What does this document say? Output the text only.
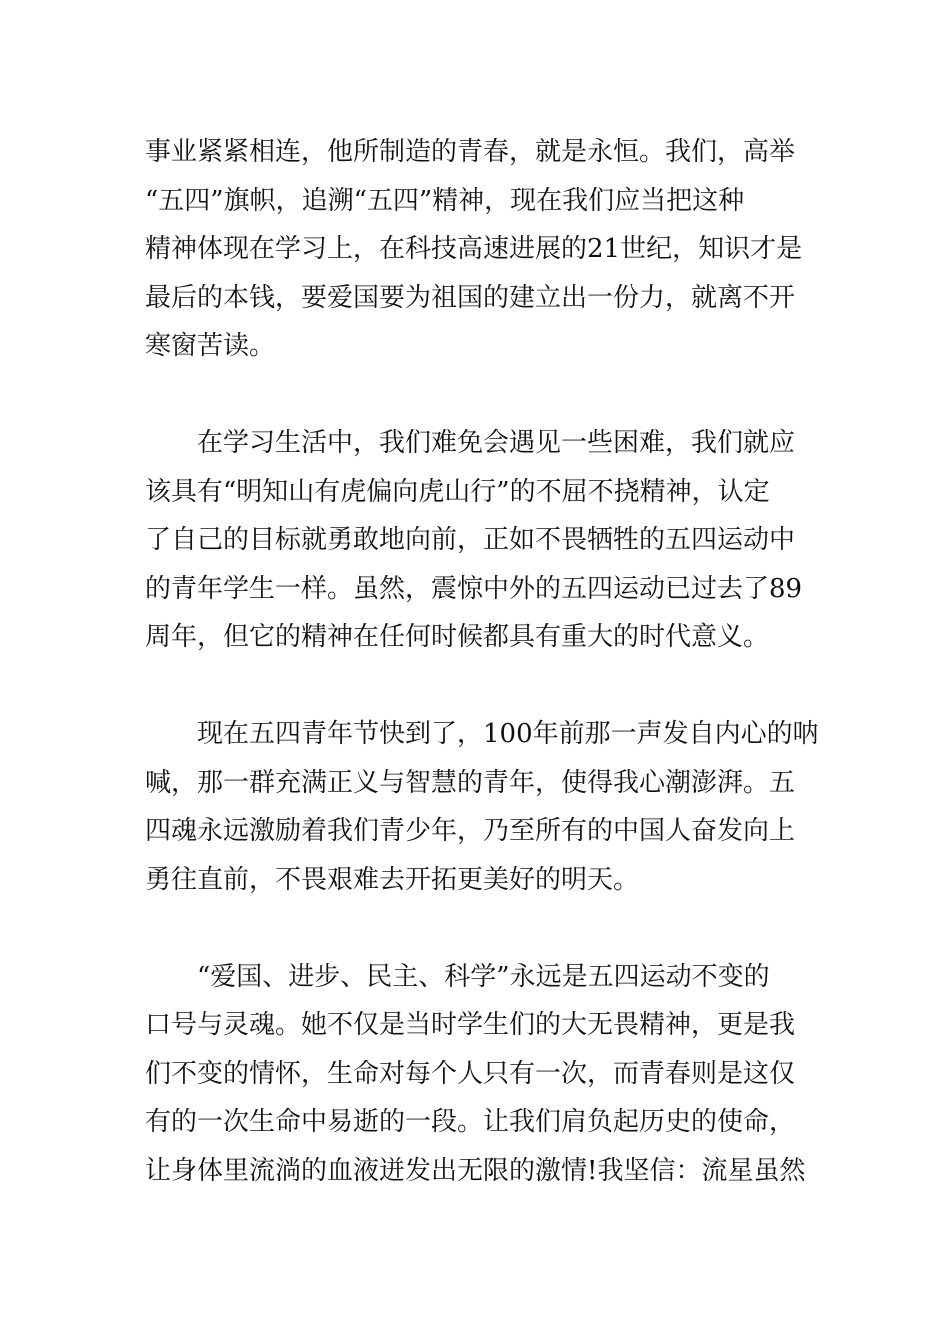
事业紧紧相连，他所制造的青春，就是永恒。我们，高举
“五四”旗帜，追溯“五四”精神，现在我们应当把这种
精神体现在学习上，在科技高速进展的21世纪，知识才是
最后的本钱，要爱国要为祖国的建立出一份力，就离不开
寒窗苦读。

在学习生活中，我们难免会遇见一些困难，我们就应
该具有“明知山有虎偏向虎山行”的不屈不挠精神，认定
了自己的目标就勇敢地向前，正如不畏牺牲的五四运动中
的青年学生一样。虽然，震惊中外的五四运动已过去了89
周年，但它的精神在任何时候都具有重大的时代意义。

现在五四青年节快到了，100年前那一声发自内心的呐
喊，那一群充满正义与智慧的青年，使得我心潮澎湃。五
四魂永远激励着我们青少年，乃至所有的中国人奋发向上
勇往直前，不畏艰难去开拓更美好的明天。

“爱国、进步、民主、科学”永远是五四运动不变的
口号与灵魂。她不仅是当时学生们的大无畏精神，更是我
们不变的情怀，生命对每个人只有一次，而青春则是这仅
有的一次生命中易逝的一段。让我们肩负起历史的使命，
让身体里流淌的血液迸发出无限的激情!我坚信：流星虽然
